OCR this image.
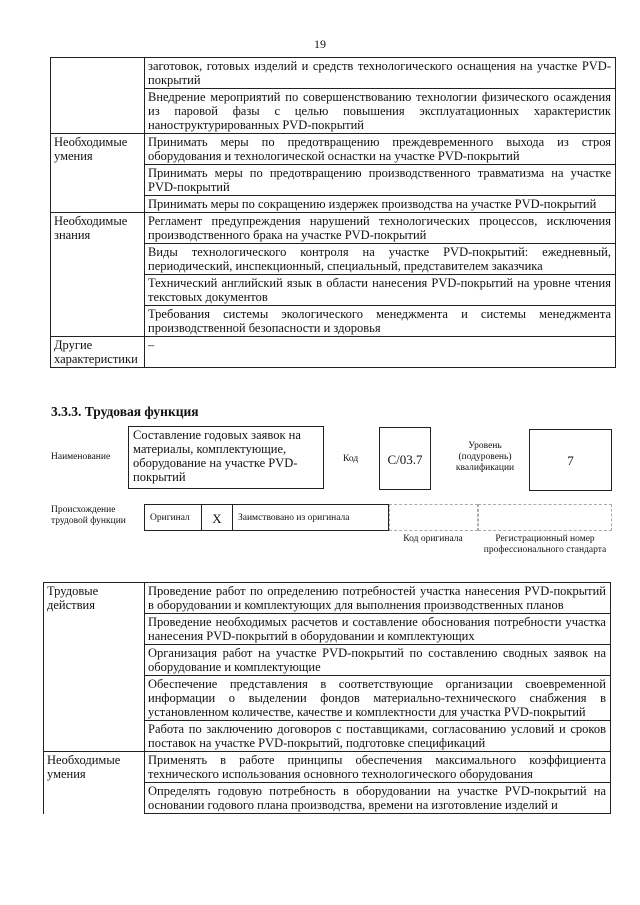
19
	заготовок, готовых изделий и средств технологического оснащения на участке PVD-покрытий
	Внедрение мероприятий по совершенствованию технологии физического осаждения из паровой фазы с целью повышения эксплуатационных характеристик наноструктурированных PVD-покрытий
Необходимые умения	Принимать меры по предотвращению преждевременного выхода из строя оборудования и технологической оснастки на участке PVD-покрытий
	Принимать меры по предотвращению производственного травматизма на участке PVD-покрытий
	Принимать меры по сокращению издержек производства на участке PVD-покрытий
Необходимые знания	Регламент предупреждения нарушений технологических процессов, исключения производственного брака на участке PVD-покрытий
	Виды технологического контроля на участке PVD-покрытий: ежедневный, периодический, инспекционный, специальный, представителем заказчика
	Технический английский язык в области нанесения PVD-покрытий на уровне чтения текстовых документов
	Требования системы экологического менеджмента и системы менеджмента производственной безопасности и здоровья
Другие характеристики	–
3.3.3. Трудовая функция
Наименование
Составление годовых заявок на материалы, комплектующие, оборудование на участке PVD-покрытий
Код	C/03.7
Уровень (подуровень) квалификации	7
Происхождение трудовой функции	Оригинал	X	Заимствовано из оригинала
Код оригинала	Регистрационный номер профессионального стандарта
Трудовые действия	Проведение работ по определению потребностей участка нанесения PVD-покрытий в оборудовании и комплектующих для выполнения производственных планов
	Проведение необходимых расчетов и составление обоснования потребности участка нанесения PVD-покрытий в оборудовании и комплектующих
	Организация работ на участке PVD-покрытий по составлению сводных заявок на оборудование и комплектующие
	Обеспечение представления в соответствующие организации своевременной информации о выделении фондов материально-технического снабжения в установленном количестве, качестве и комплектности для участка PVD-покрытий
	Работа по заключению договоров с поставщиками, согласованию условий и сроков поставок на участке PVD-покрытий, подготовке спецификаций
Необходимые умения	Применять в работе принципы обеспечения максимального коэффициента технического использования основного технологического оборудования
	Определять годовую потребность в оборудовании на участке PVD-покрытий на основании годового плана производства, времени на изготовление изделий и
